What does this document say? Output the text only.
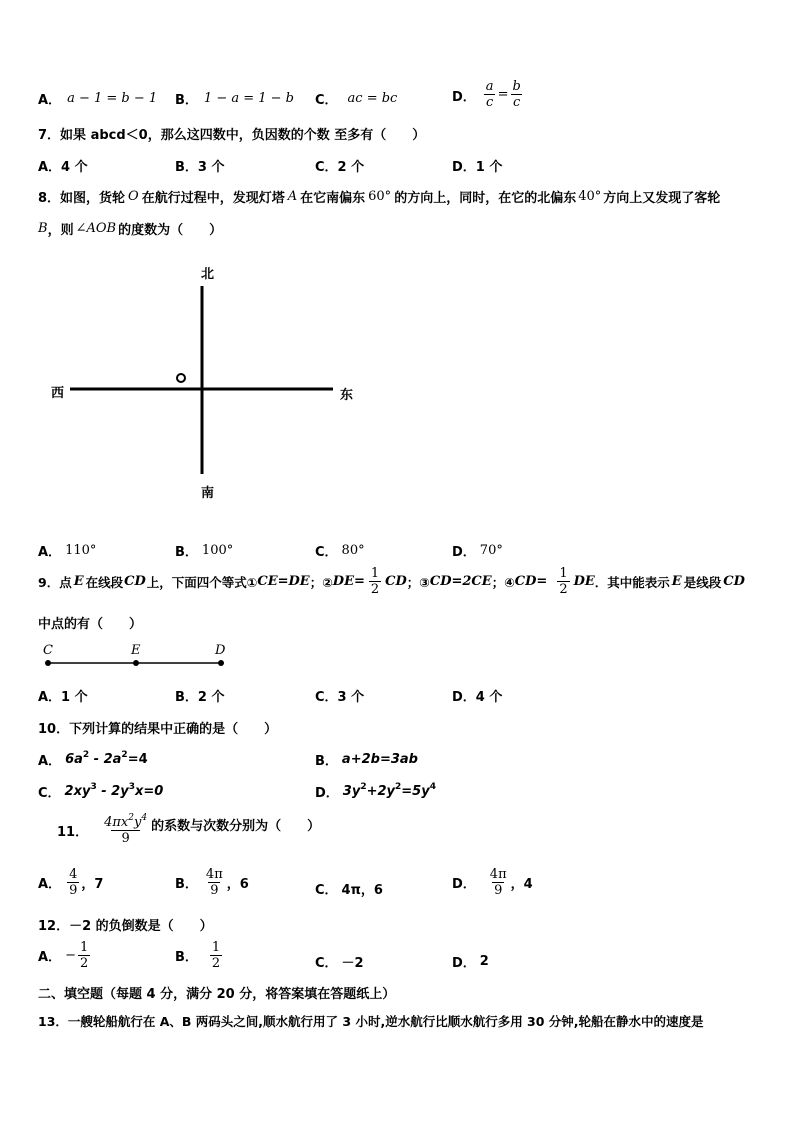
A． a − 1 = b − 1 B． 1 − a = 1 − b C． ac = bc	D． $\frac{a}{c} = \frac{b}{c}$
7．如果 abcd＜0，那么这四数中，负因数的个数 至多有（　　）
A．4 个	B．3 个	C．2 个	D．1 个
8．如图，货轮 O 在航行过程中，发现灯塔 A 在它南偏东 60° 的方向上，同时，在它的北偏东 40° 方向上又发现了客轮
B ，则 ∠AOB 的度数为（　　）
北
西	东
南
A． 110°	B． 100°	C． 80°	D． 70°
9．点 E 在线段 CD 上，下面四个等式① CE=DE ；② $DE= \frac{1}{2}$ CD ；③ CD=2CE ；④ $CD= \frac{1}{2}$ DE ．其中能表示 E 是线段 CD
中点的有（　　）
C	E	D
A．1 个	B．2 个	C．3 个	D．4 个
10．下列计算的结果中正确的是（　　）
A． $6a^2 - 2a^2=4$	B． a+2b=3ab
C． $2xy^3 - 2y^3x=0$	D． $3y^2+2y^2=5y^4$
11． $\frac{4\pi x^2y^4}{9}$ 的系数与次数分别为（　　）
A． $\frac{4}{9}$ ，7	B． $\frac{4\pi}{9}$ ，6	C． 4π，6	D． $\frac{4\pi}{9}$ ，4
12．－2 的负倒数是（　　）
A． − $\frac{1}{2}$	B． $\frac{1}{2}$	C． －2	D． 2
二、填空题（每题 4 分，满分 20 分，将答案填在答题纸上）
13．一艘轮船航行在 A、B 两码头之间,顺水航行用了 3 小时,逆水航行比顺水航行多用 30 分钟,轮船在静水中的速度是
